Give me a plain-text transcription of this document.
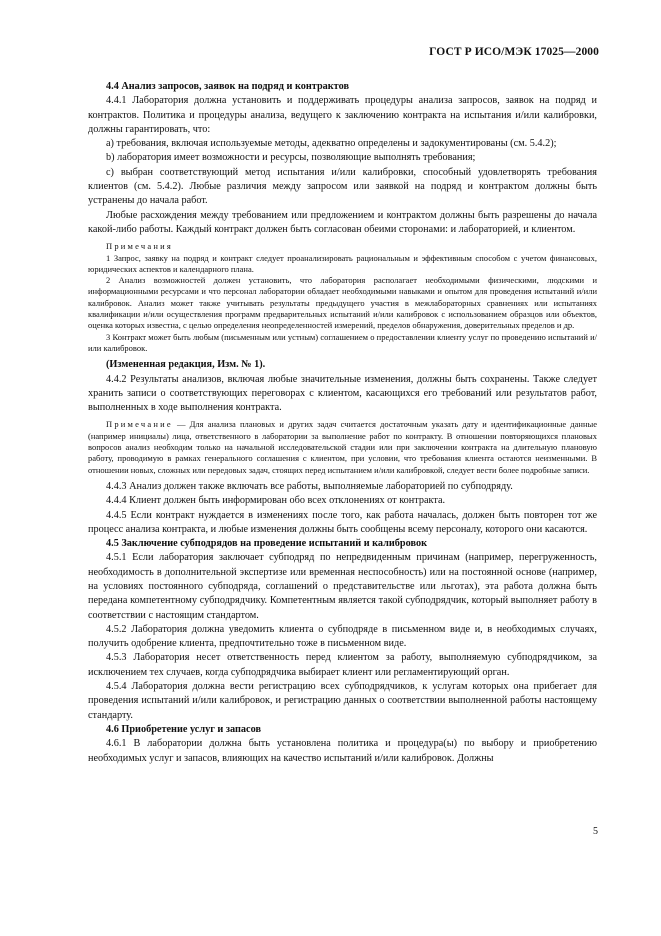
ГОСТ Р ИСО/МЭК 17025—2000

4.4 Анализ запросов, заявок на подряд и контрактов

4.4.1 Лаборатория должна установить и поддерживать процедуры анализа запросов, заявок на подряд и контрактов. Политика и процедуры анализа, ведущего к заключению контракта на испытания и/или калибровки, должны гарантировать, что:

a) требования, включая используемые методы, адекватно определены и задокументированы (см. 5.4.2);

b) лаборатория имеет возможности и ресурсы, позволяющие выполнять требования;

c) выбран соответствующий метод испытания и/или калибровки, способный удовлетворять требования клиентов (см. 5.4.2). Любые различия между запросом или заявкой на подряд и контрактом должны быть устранены до начала работ.

Любые расхождения между требованием или предложением и контрактом должны быть разрешены до начала какой-либо работы. Каждый контракт должен быть согласован обеими сторонами: и лабораторией, и клиентом.

Примечания

1 Запрос, заявку на подряд и контракт следует проанализировать рациональным и эффективным способом с учетом финансовых, юридических аспектов и календарного плана.

2 Анализ возможностей должен установить, что лаборатория располагает необходимыми физическими, людскими и информационными ресурсами и что персонал лаборатории обладает необходимыми навыками и опытом для проведения испытаний и/или калибровок. Анализ может также учитывать результаты предыдущего участия в межлабораторных сравнениях или испытаниях квалификации и/или осуществления программ предварительных испытаний и/или калибровок с использованием образцов или объектов, оценка которых известна, с целью определения неопределенностей измерений, пределов обнаружения, доверительных пределов и др.

3 Контракт может быть любым (письменным или устным) соглашением о предоставлении клиенту услуг по проведению испытаний и/или калибровок.

(Измененная редакция, Изм. № 1).

4.4.2 Результаты анализов, включая любые значительные изменения, должны быть сохранены. Также следует хранить записи о соответствующих переговорах с клиентом, касающихся его требований или результатов работ, выполненных в ходе выполнения контракта.

Примечание — Для анализа плановых и других задач считается достаточным указать дату и идентификационные данные (например инициалы) лица, ответственного в лаборатории за выполнение работ по контракту. В отношении повторяющихся плановых вопросов анализ необходим только на начальной исследовательской стадии или при заключении контракта на длительную плановую работу, проводимую в рамках генерального соглашения с клиентом, при условии, что требования клиента остаются неизменными. В отношении новых, сложных или передовых задач, стоящих перед испытанием и/или калибровкой, следует вести более подробные записи.

4.4.3 Анализ должен также включать все работы, выполняемые лабораторией по субподряду.

4.4.4 Клиент должен быть информирован обо всех отклонениях от контракта.

4.4.5 Если контракт нуждается в изменениях после того, как работа началась, должен быть повторен тот же процесс анализа контракта, и любые изменения должны быть сообщены всему персоналу, которого они касаются.

4.5 Заключение субподрядов на проведение испытаний и калибровок

4.5.1 Если лаборатория заключает субподряд по непредвиденным причинам (например, перегруженность, необходимость в дополнительной экспертизе или временная неспособность) или на постоянной основе (например, на условиях постоянного субподряда, соглашений о представительстве или льготах), эта работа должна быть передана компетентному субподрядчику. Компетентным является такой субподрядчик, который выполняет работу в соответствии с настоящим стандартом.

4.5.2 Лаборатория должна уведомить клиента о субподряде в письменном виде и, в необходимых случаях, получить одобрение клиента, предпочтительно тоже в письменном виде.

4.5.3 Лаборатория несет ответственность перед клиентом за работу, выполняемую субподрядчиком, за исключением тех случаев, когда субподрядчика выбирает клиент или регламентирующий орган.

4.5.4 Лаборатория должна вести регистрацию всех субподрядчиков, к услугам которых она прибегает для проведения испытаний и/или калибровок, и регистрацию данных о соответствии выполненной работы настоящему стандарту.

4.6 Приобретение услуг и запасов

4.6.1 В лаборатории должна быть установлена политика и процедура(ы) по выбору и приобретению необходимых услуг и запасов, влияющих на качество испытаний и/или калибровок. Должны

5
